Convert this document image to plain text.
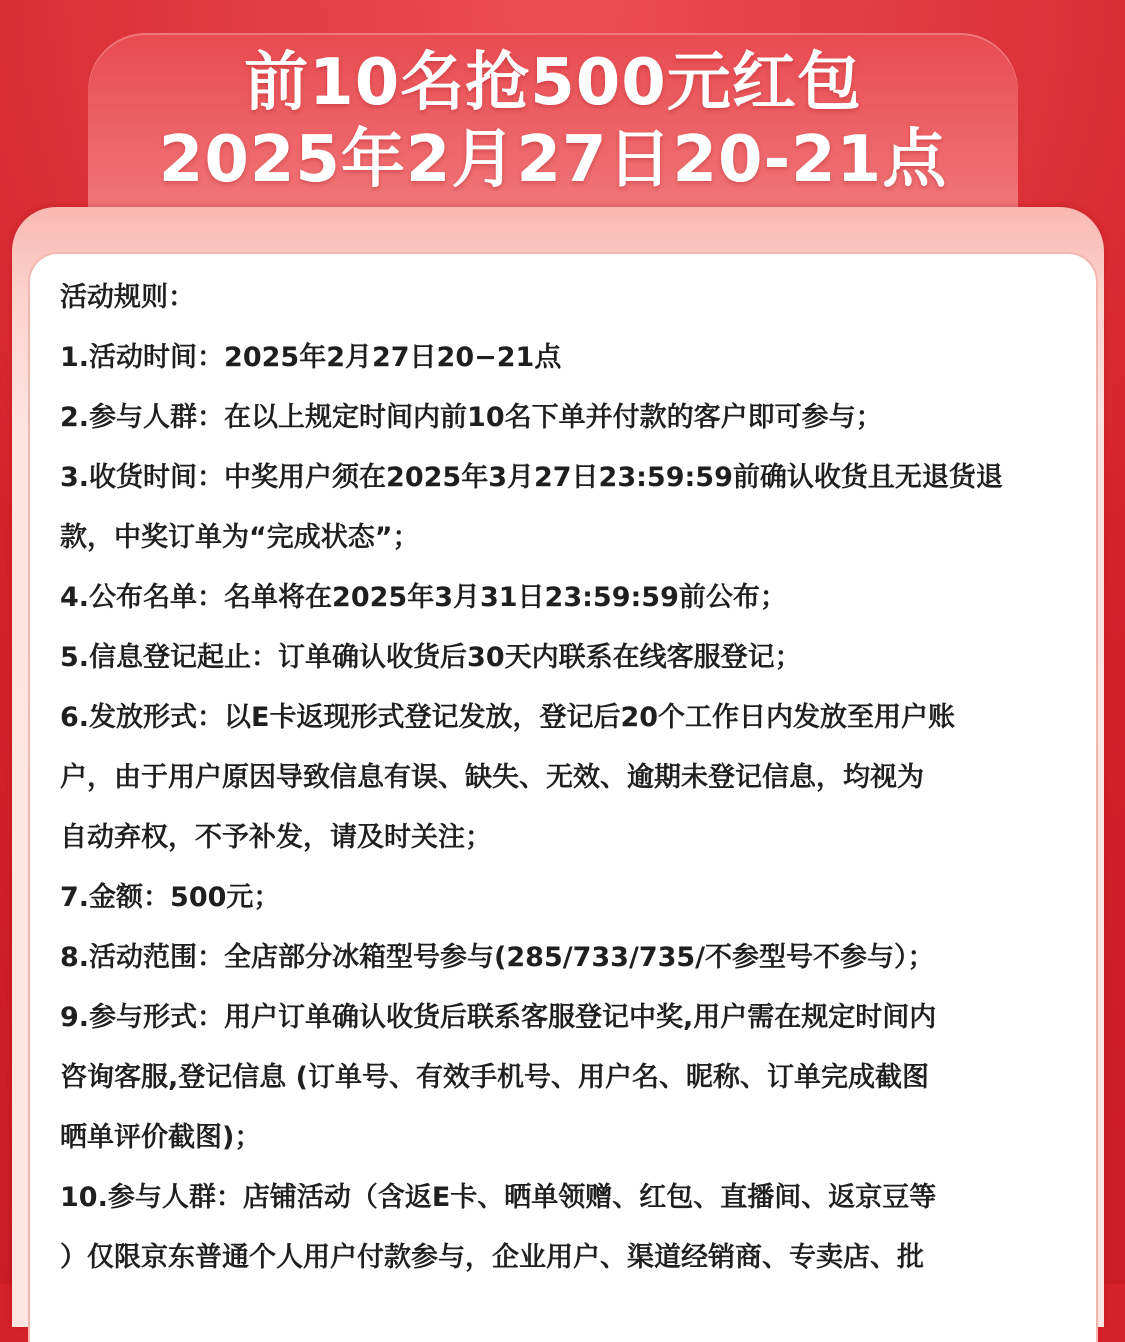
前10名抢500元红包
2025年2月27日20-21点

活动规则：

1.活动时间：2025年2月27日20−21点

2.参与人群：在以上规定时间内前10名下单并付款的客户即可参与；

3.收货时间：中奖用户须在2025年3月27日23:59:59前确认收货且无退货退

款，中奖订单为“完成状态”；

4.公布名单：名单将在2025年3月31日23:59:59前公布；

5.信息登记起止：订单确认收货后30天内联系在线客服登记；

6.发放形式：以E卡返现形式登记发放，登记后20个工作日内发放至用户账

户，由于用户原因导致信息有误、缺失、无效、逾期未登记信息，均视为

自动弃权，不予补发，请及时关注；

7.金额：500元；

8.活动范围：全店部分冰箱型号参与(285/733/735/不参型号不参与）；

9.参与形式：用户订单确认收货后联系客服登记中奖,用户需在规定时间内

咨询客服,登记信息 (订单号、有效手机号、用户名、昵称、订单完成截图

晒单评价截图)；

10.参与人群：店铺活动（含返E卡、晒单领赠、红包、直播间、返京豆等

）仅限京东普通个人用户付款参与，企业用户、渠道经销商、专卖店、批
